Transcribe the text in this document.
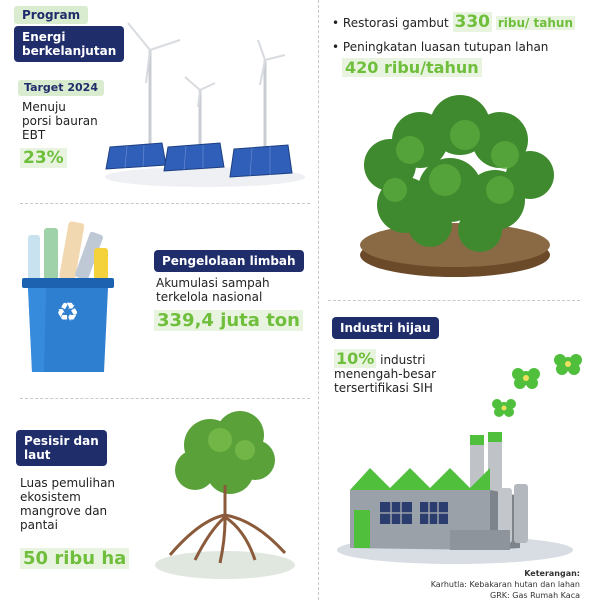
Program
Energi
berkelanjutan
Target 2024
Menuju
porsi bauran
EBT
23%
• Restorasi gambut 330 ribu/ tahun
• Peningkatan luasan tutupan lahan
420 ribu/tahun
♻
Pengelolaan limbah
Akumulasi sampah
terkelola nasional
339,4 juta ton	Industri hijau
10% industri
menengah-besar
tersertifikasi SIH
Pesisir dan
laut
Luas pemulihan
ekosistem
mangrove dan
pantai
50 ribu ha
Keterangan:
Karhutla: Kebakaran hutan dan lahan
GRK: Gas Rumah Kaca
